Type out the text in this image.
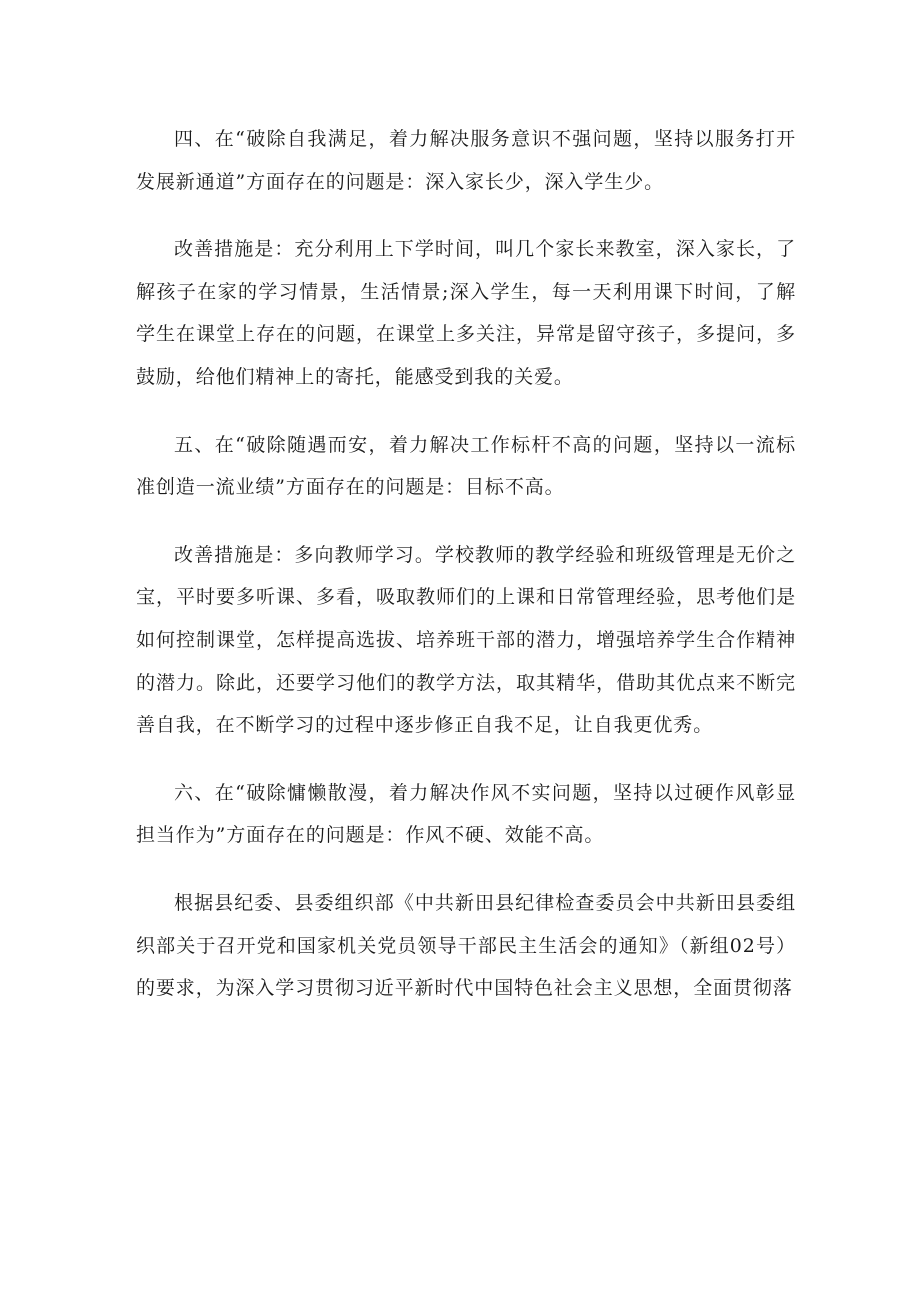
四、在“破除自我满足，着力解决服务意识不强问题，坚持以服务打开发展新通道”方面存在的问题是：深入家长少，深入学生少。

改善措施是：充分利用上下学时间，叫几个家长来教室，深入家长，了解孩子在家的学习情景，生活情景;深入学生，每一天利用课下时间，了解学生在课堂上存在的问题，在课堂上多关注，异常是留守孩子，多提问，多鼓励，给他们精神上的寄托，能感受到我的关爱。

五、在“破除随遇而安，着力解决工作标杆不高的问题，坚持以一流标准创造一流业绩”方面存在的问题是：目标不高。

改善措施是：多向教师学习。学校教师的教学经验和班级管理是无价之宝，平时要多听课、多看，吸取教师们的上课和日常管理经验，思考他们是如何控制课堂，怎样提高选拔、培养班干部的潜力，增强培养学生合作精神的潜力。除此，还要学习他们的教学方法，取其精华，借助其优点来不断完善自我，在不断学习的过程中逐步修正自我不足，让自我更优秀。

六、在“破除慵懒散漫，着力解决作风不实问题，坚持以过硬作风彰显担当作为”方面存在的问题是：作风不硬、效能不高。

根据县纪委、县委组织部《中共新田县纪律检查委员会中共新田县委组织部关于召开党和国家机关党员领导干部民主生活会的通知》（新组02号）的要求，为深入学习贯彻习近平新时代中国特色社会主义思想，全面贯彻落
